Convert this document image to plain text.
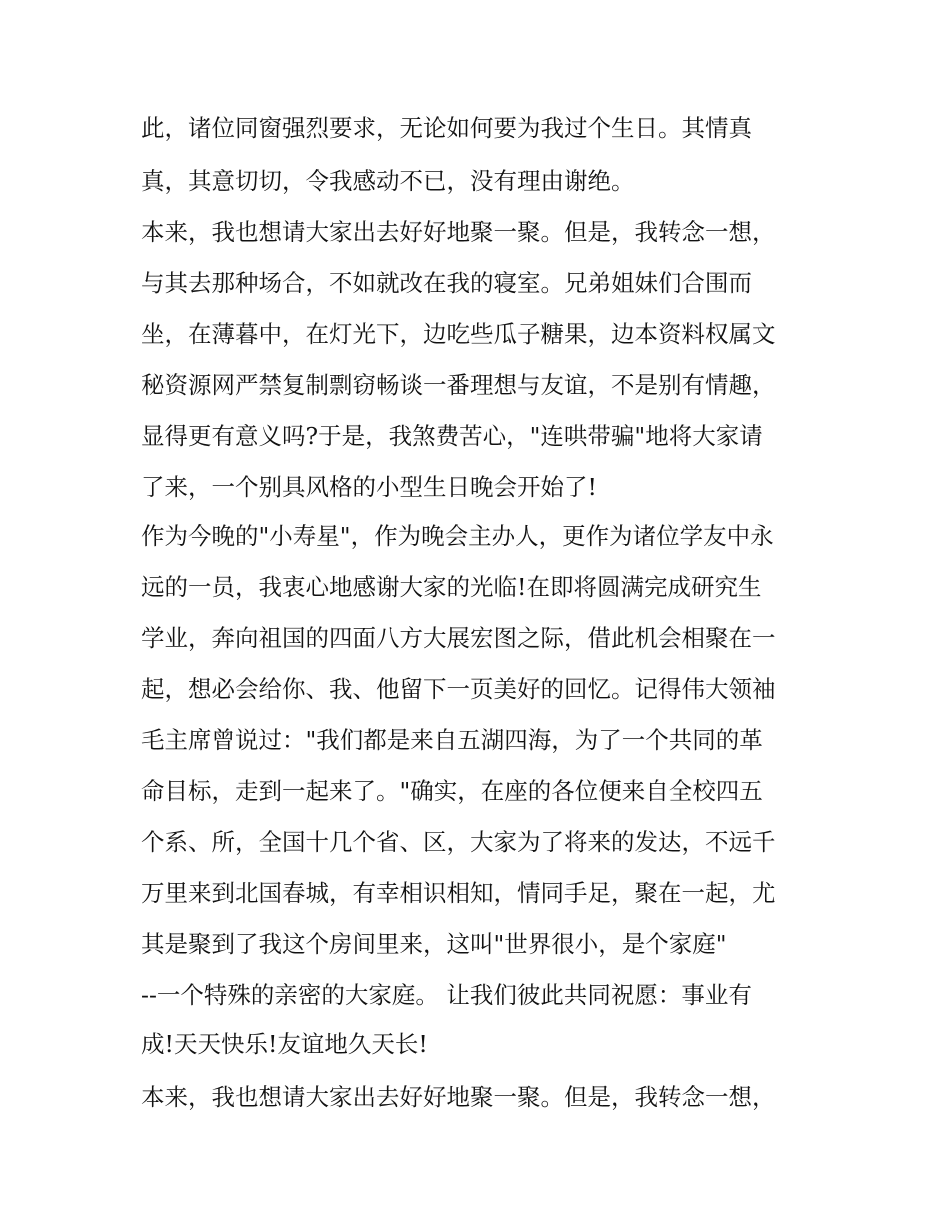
此，诸位同窗强烈要求，无论如何要为我过个生日。其情真
真，其意切切，令我感动不已，没有理由谢绝。
本来，我也想请大家出去好好地聚一聚。但是，我转念一想，
与其去那种场合，不如就改在我的寝室。兄弟姐妹们合围而
坐，在薄暮中，在灯光下，边吃些瓜子糖果，边本资料权属文
秘资源网严禁复制剽窃畅谈一番理想与友谊，不是别有情趣，
显得更有意义吗?于是，我煞费苦心，"连哄带骗"地将大家请
了来，一个别具风格的小型生日晚会开始了!
作为今晚的"小寿星"，作为晚会主办人，更作为诸位学友中永
远的一员，我衷心地感谢大家的光临!在即将圆满完成研究生
学业，奔向祖国的四面八方大展宏图之际，借此机会相聚在一
起，想必会给你、我、他留下一页美好的回忆。记得伟大领袖
毛主席曾说过："我们都是来自五湖四海，为了一个共同的革
命目标，走到一起来了。"确实，在座的各位便来自全校四五
个系、所，全国十几个省、区，大家为了将来的发达，不远千
万里来到北国春城，有幸相识相知，情同手足，聚在一起，尤
其是聚到了我这个房间里来，这叫"世界很小，是个家庭"
--一个特殊的亲密的大家庭。 让我们彼此共同祝愿：事业有
成!天天快乐!友谊地久天长!
本来，我也想请大家出去好好地聚一聚。但是，我转念一想，
